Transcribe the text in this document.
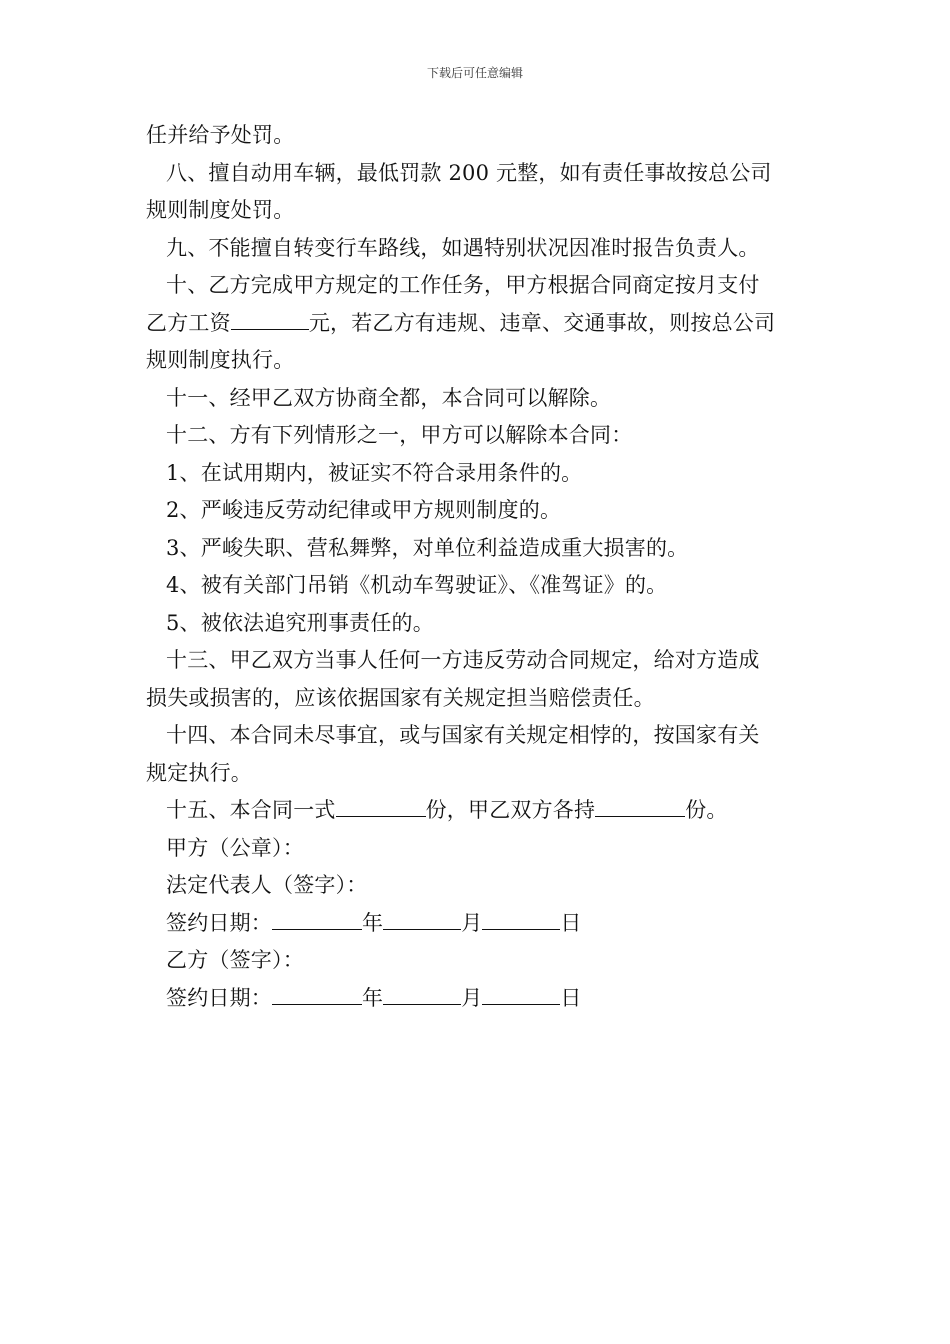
下载后可任意编辑
任并给予处罚。
八、擅自动用车辆，最低罚款 200 元整，如有责任事故按总公司
规则制度处罚。
九、不能擅自转变行车路线，如遇特别状况因准时报告负责人。
十、乙方完成甲方规定的工作任务，甲方根据合同商定按月支付
乙方工资	元，若乙方有违规、违章、交通事故，则按总公司
规则制度执行。
十一、经甲乙双方协商全都，本合同可以解除。
十二、方有下列情形之一，甲方可以解除本合同：
1、在试用期内，被证实不符合录用条件的。
2、严峻违反劳动纪律或甲方规则制度的。
3、严峻失职、营私舞弊，对单位利益造成重大损害的。
4、被有关部门吊销《机动车驾驶证》、《准驾证》的。
5、被依法追究刑事责任的。
十三、甲乙双方当事人任何一方违反劳动合同规定，给对方造成
损失或损害的，应该依据国家有关规定担当赔偿责任。
十四、本合同未尽事宜，或与国家有关规定相悖的，按国家有关
规定执行。
十五、本合同一式	份，甲乙双方各持	份。
甲方（公章）：
法定代表人（签字）：
签约日期：	年	月	日
乙方（签字）：
签约日期：	年	月	日
